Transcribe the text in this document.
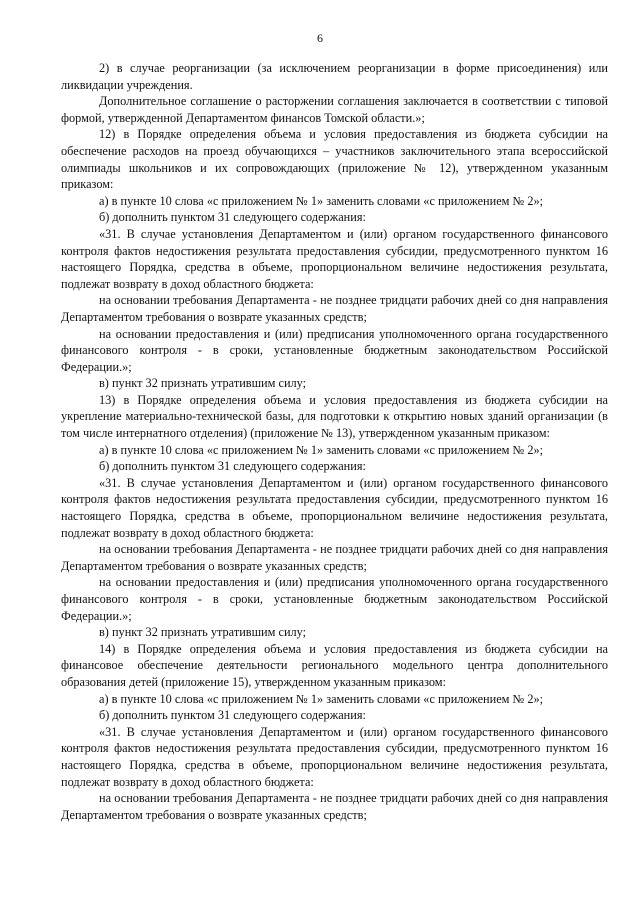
6

2) в случае реорганизации (за исключением реорганизации в форме присоединения) или ликвидации учреждения.

Дополнительное соглашение о расторжении соглашения заключается в соответствии с типовой формой, утвержденной Департаментом финансов Томской области.»;

12) в Порядке определения объема и условия предоставления из бюджета субсидии на обеспечение расходов на проезд обучающихся – участников заключительного этапа всероссийской олимпиады школьников и их сопровождающих (приложение № 12), утвержденном указанным приказом:

а) в пункте 10 слова «с приложением № 1» заменить словами «с приложением № 2»;

б) дополнить пунктом 31 следующего содержания:

«31. В случае установления Департаментом и (или) органом государственного финансового контроля фактов недостижения результата предоставления субсидии, предусмотренного пунктом 16 настоящего Порядка, средства в объеме, пропорциональном величине недостижения результата, подлежат возврату в доход областного бюджета:

на основании требования Департамента - не позднее тридцати рабочих дней со дня направления Департаментом требования о возврате указанных средств;

на основании предоставления и (или) предписания уполномоченного органа государственного финансового контроля - в сроки, установленные бюджетным законодательством Российской Федерации.»;

в) пункт 32 признать утратившим силу;

13) в Порядке определения объема и условия предоставления из бюджета субсидии на укрепление материально-технической базы, для подготовки к открытию новых зданий организации (в том числе интернатного отделения) (приложение № 13), утвержденном указанным приказом:

а) в пункте 10 слова «с приложением № 1» заменить словами «с приложением № 2»;

б) дополнить пунктом 31 следующего содержания:

«31. В случае установления Департаментом и (или) органом государственного финансового контроля фактов недостижения результата предоставления субсидии, предусмотренного пунктом 16 настоящего Порядка, средства в объеме, пропорциональном величине недостижения результата, подлежат возврату в доход областного бюджета:

на основании требования Департамента - не позднее тридцати рабочих дней со дня направления Департаментом требования о возврате указанных средств;

на основании предоставления и (или) предписания уполномоченного органа государственного финансового контроля - в сроки, установленные бюджетным законодательством Российской Федерации.»;

в) пункт 32 признать утратившим силу;

14) в Порядке определения объема и условия предоставления из бюджета субсидии на финансовое обеспечение деятельности регионального модельного центра дополнительного образования детей (приложение 15), утвержденном указанным приказом:

а) в пункте 10 слова «с приложением № 1» заменить словами «с приложением № 2»;

б) дополнить пунктом 31 следующего содержания:

«31. В случае установления Департаментом и (или) органом государственного финансового контроля фактов недостижения результата предоставления субсидии, предусмотренного пунктом 16 настоящего Порядка, средства в объеме, пропорциональном величине недостижения результата, подлежат возврату в доход областного бюджета:

на основании требования Департамента - не позднее тридцати рабочих дней со дня направления Департаментом требования о возврате указанных средств;
